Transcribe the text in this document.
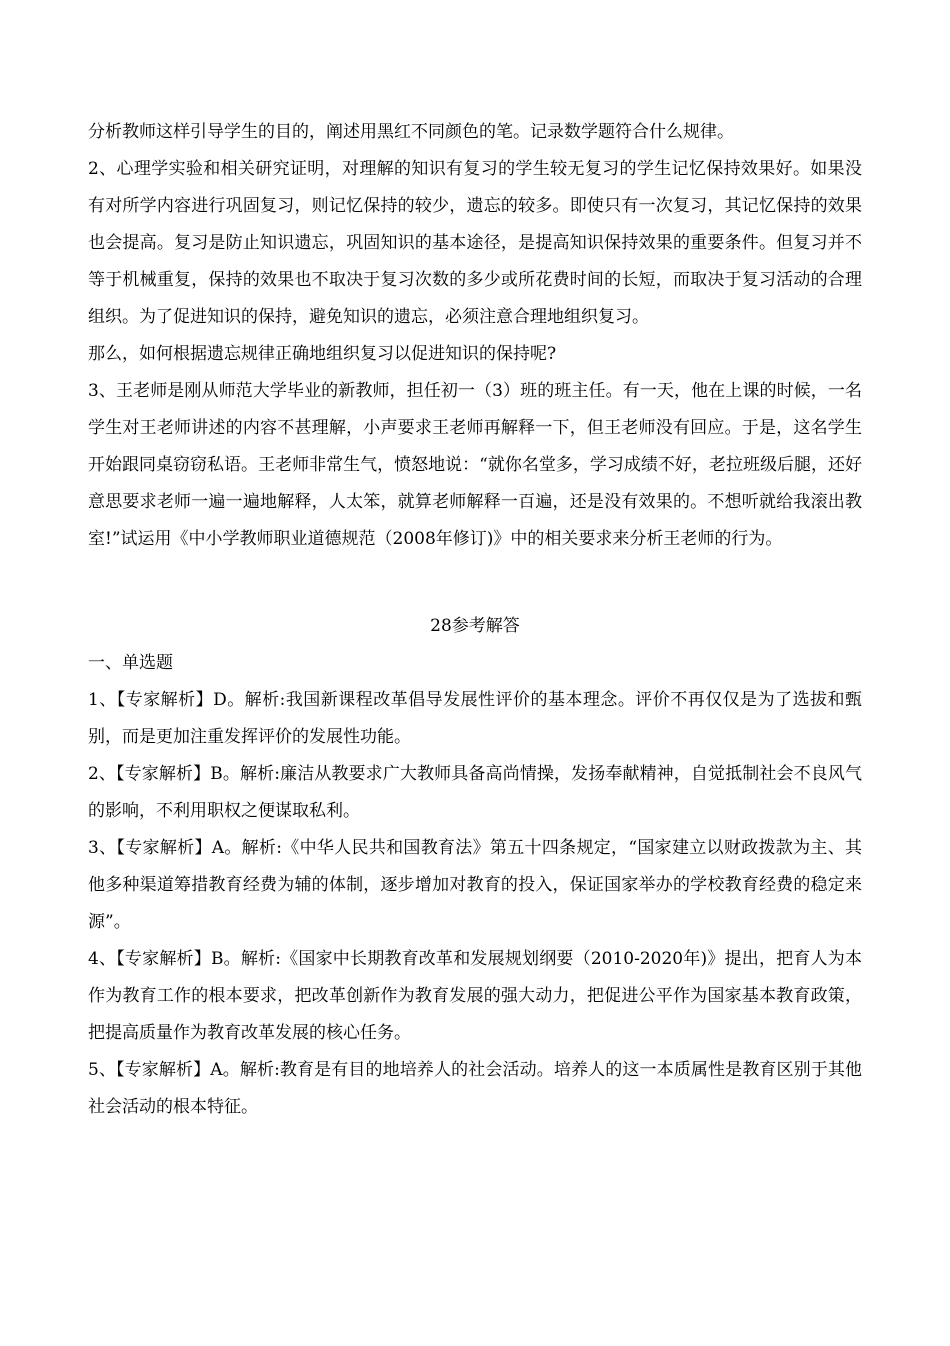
分析教师这样引导学生的目的，阐述用黑红不同颜色的笔。记录数学题符合什么规律。

2、心理学实验和相关研究证明，对理解的知识有复习的学生较无复习的学生记忆保持效果好。如果没有对所学内容进行巩固复习，则记忆保持的较少，遗忘的较多。即使只有一次复习，其记忆保持的效果也会提高。复习是防止知识遗忘，巩固知识的基本途径，是提高知识保持效果的重要条件。但复习并不等于机械重复，保持的效果也不取决于复习次数的多少或所花费时间的长短，而取决于复习活动的合理组织。为了促进知识的保持，避免知识的遗忘，必须注意合理地组织复习。

那么，如何根据遗忘规律正确地组织复习以促进知识的保持呢?

3、王老师是刚从师范大学毕业的新教师，担任初一（3）班的班主任。有一天，他在上课的时候，一名学生对王老师讲述的内容不甚理解，小声要求王老师再解释一下，但王老师没有回应。于是，这名学生开始跟同桌窃窃私语。王老师非常生气，愤怒地说：“就你名堂多，学习成绩不好，老拉班级后腿，还好意思要求老师一遍一遍地解释，人太笨，就算老师解释一百遍，还是没有效果的。不想听就给我滚出教室!”试运用《中小学教师职业道德规范（2008年修订)》中的相关要求来分析王老师的行为。

28参考解答

一、单选题

1、【专家解析】D。解析:我国新课程改革倡导发展性评价的基本理念。评价不再仅仅是为了选拔和甄别，而是更加注重发挥评价的发展性功能。

2、【专家解析】B。解析:廉洁从教要求广大教师具备高尚情操，发扬奉献精神，自觉抵制社会不良风气的影响，不利用职权之便谋取私利。

3、【专家解析】A。解析:《中华人民共和国教育法》第五十四条规定，“国家建立以财政拨款为主、其他多种渠道筹措教育经费为辅的体制，逐步增加对教育的投入，保证国家举办的学校教育经费的稳定来源”。

4、【专家解析】B。解析:《国家中长期教育改革和发展规划纲要（2010-2020年)》提出，把育人为本作为教育工作的根本要求，把改革创新作为教育发展的强大动力，把促进公平作为国家基本教育政策，把提高质量作为教育改革发展的核心任务。

5、【专家解析】A。解析:教育是有目的地培养人的社会活动。培养人的这一本质属性是教育区别于其他社会活动的根本特征。
